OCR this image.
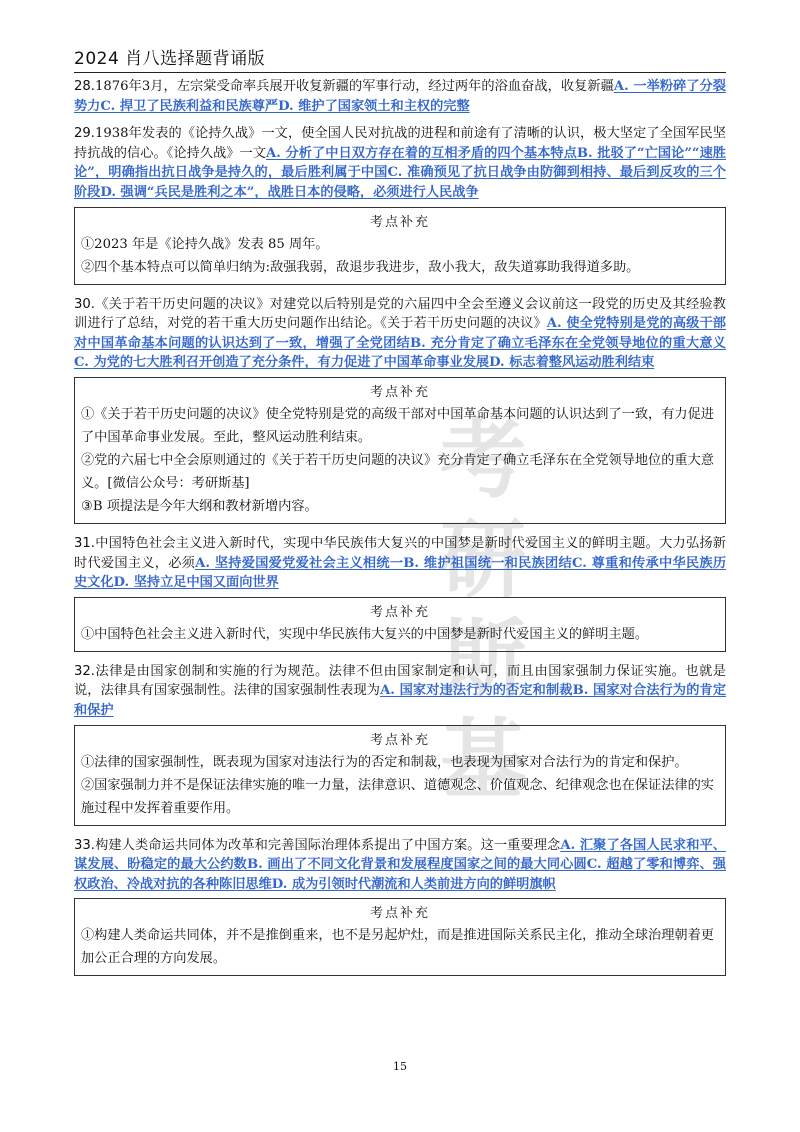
考
研
斯
基
2024 肖八选择题背诵版
28.1876年3月，左宗棠受命率兵展开收复新疆的军事行动，经过两年的浴血奋战，收复新疆A. 一举粉碎了分裂势力C. 捍卫了民族利益和民族尊严D. 维护了国家领土和主权的完整
29.1938年发表的《论持久战》一文，使全国人民对抗战的进程和前途有了清晰的认识，极大坚定了全国军民坚持抗战的信心。《论持久战》一文A. 分析了中日双方存在着的互相矛盾的四个基本特点B. 批驳了“亡国论”“速胜论”，明确指出抗日战争是持久的，最后胜利属于中国C. 准确预见了抗日战争由防御到相持、最后到反攻的三个阶段D. 强调“兵民是胜利之本”，战胜日本的侵略，必须进行人民战争
考点补充

①2023 年是《论持久战》发表 85 周年。

②四个基本特点可以简单归纳为:敌强我弱，敌退步我进步，敌小我大，敌失道寡助我得道多助。

30.《关于若干历史问题的决议》对建党以后特别是党的六届四中全会至遵义会议前这一段党的历史及其经验教训进行了总结，对党的若干重大历史问题作出结论。《关于若干历史问题的决议》A. 使全党特别是党的高级干部对中国革命基本问题的认识达到了一致，增强了全党团结B. 充分肯定了确立毛泽东在全党领导地位的重大意义C. 为党的七大胜利召开创造了充分条件，有力促进了中国革命事业发展D. 标志着整风运动胜利结束
考点补充

①《关于若干历史问题的决议》使全党特别是党的高级干部对中国革命基本问题的认识达到了一致，有力促进了中国革命事业发展。至此，整风运动胜利结束。

②党的六届七中全会原则通过的《关于若干历史问题的决议》充分肯定了确立毛泽东在全党领导地位的重大意义。[微信公众号：考研斯基]

③B 项提法是今年大纲和教材新增内容。

31.中国特色社会主义进入新时代，实现中华民族伟大复兴的中国梦是新时代爱国主义的鲜明主题。大力弘扬新时代爱国主义，必须A. 坚持爱国爱党爱社会主义相统一B. 维护祖国统一和民族团结C. 尊重和传承中华民族历史文化D. 坚持立足中国又面向世界
考点补充

①中国特色社会主义进入新时代，实现中华民族伟大复兴的中国梦是新时代爱国主义的鲜明主题。

32.法律是由国家创制和实施的行为规范。法律不但由国家制定和认可，而且由国家强制力保证实施。也就是说，法律具有国家强制性。法律的国家强制性表现为A. 国家对违法行为的否定和制裁B. 国家对合法行为的肯定和保护
考点补充

①法律的国家强制性，既表现为国家对违法行为的否定和制裁，也表现为国家对合法行为的肯定和保护。

②国家强制力并不是保证法律实施的唯一力量，法律意识、道德观念、价值观念、纪律观念也在保证法律的实施过程中发挥着重要作用。

33.构建人类命运共同体为改革和完善国际治理体系提出了中国方案。这一重要理念A. 汇聚了各国人民求和平、谋发展、盼稳定的最大公约数B. 画出了不同文化背景和发展程度国家之间的最大同心圆C. 超越了零和博弈、强权政治、冷战对抗的各种陈旧思维D. 成为引领时代潮流和人类前进方向的鲜明旗帜
考点补充

①构建人类命运共同体，并不是推倒重来，也不是另起炉灶，而是推进国际关系民主化，推动全球治理朝着更加公正合理的方向发展。

15
